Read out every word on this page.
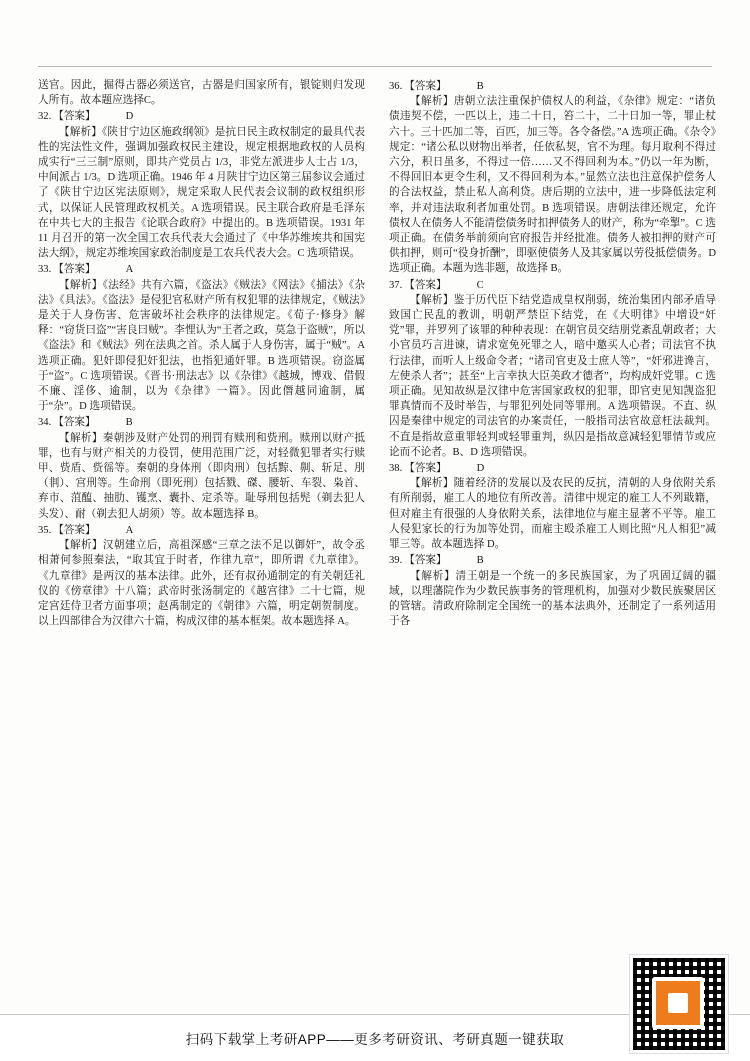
送官。因此，掘得古器必须送官，古器是归国家所有，银锭则归发现人所有。故本题应选择C。
32. 【答案】	D
【解析】《陕甘宁边区施政纲领》是抗日民主政权制定的最具代表性的宪法性文件，强调加强政权民主建设，规定根据地政权的人员构成实行“三三制”原则，即共产党员占 1/3，非党左派进步人士占 1/3，中间派占 1/3。D 选项正确。1946 年 4 月陕甘宁边区第三届参议会通过了《陕甘宁边区宪法原则》，规定采取人民代表会议制的政权组织形式，以保证人民管理政权机关。A 选项错误。民主联合政府是毛泽东在中共七大的主报告《论联合政府》中提出的。B 选项错误。1931 年 11 月召开的第一次全国工农兵代表大会通过了《中华苏维埃共和国宪法大纲》，规定苏维埃国家政治制度是工农兵代表大会。C 选项错误。
33. 【答案】	A
【解析】《法经》共有六篇，《盗法》《贼法》《网法》《捕法》《杂法》《具法》。《盗法》是侵犯官私财产所有权犯罪的法律规定，《贼法》是关于人身伤害、危害破坏社会秩序的法律规定。《荀子·修身》解释：“窃货曰盗”“害良曰贼”。李悝认为“王者之政，莫急于盗贼”，所以《盗法》和《贼法》列在法典之首。杀人属于人身伤害，属于“贼”。A 选项正确。犯奸即侵犯奸犯法，也指犯通奸罪。B 选项错误。窃盗属于“盗”。C 选项错误。《晋书·刑法志》以《杂律》《越城，博戏、借假不廉、淫侈、逾制，以为《杂律》一篇》。因此僭越同逾制，属于“杂”。D 选项错误。
34. 【答案】	B
【解析】秦朝涉及财产处罚的刑罚有赎刑和赀刑。赎刑以财产抵罪，也有与财产相关的力役罚，使用范围广泛，对轻微犯罪者实行赎甲、赀盾、赀徭等。秦朝的身体刑（即肉刑）包括黥、劓、斩足、刖（剕）、宫刑等。生命刑（即死刑）包括戮、磔、腰斩、车裂、枭首、弃市、菹醢、抽肋、镬烹、囊扑、定杀等。耻辱刑包括髡（剃去犯人头发）、耐（剃去犯人胡须）等。故本题选择 B。
35. 【答案】	A
【解析】汉朝建立后，高祖深感“三章之法不足以御奸”，故令丞相萧何参照秦法，“取其宜于时者，作律九章”，即所谓《九章律》。《九章律》是两汉的基本法律。此外，还有叔孙通制定的有关朝廷礼仪的《傍章律》十八篇；武帝时张汤制定的《越宫律》二十七篇，规定宫廷侍卫者方面事项；赵禹制定的《朝律》六篇，明定朝贺制度。以上四部律合为汉律六十篇，构成汉律的基本框架。故本题选择 A。
36. 【答案】	B
【解析】唐朝立法注重保护债权人的利益，《杂律》规定：“诸负债违契不偿，一匹以上，违二十日，笞二十，二十日加一等，罪止杖六十。三十匹加二等，百匹，加三等。各令备偿。”A 选项正确。《杂令》规定：“诸公私以财物出举者，任依私契，官不为理。每月取利不得过六分，积日虽多，不得过一倍……又不得回利为本。”仍以一年为断，不得回旧本更令生利，又不得回利为本。”显然立法也注意保护偿务人的合法权益，禁止私人高利贷。唐后期的立法中，进一步降低法定利率，并对违法取利者加重处罚。B 选项错误。唐朝法律还规定，允许债权人在债务人不能清偿债务时扣押债务人的财产，称为“牵掣”。C 选项正确。在债务举前须向官府报告并经批准。债务人被扣押的财产可供扣押，则可“役身折酬”，即驱使债务人及其家属以劳役抵偿债务。D 选项正确。本题为选非题，故选择 B。
37. 【答案】	C
【解析】鉴于历代臣下结党造成皇权削弱，统治集团内部矛盾导致国亡民乱的教训，明朝严禁臣下结党，在《大明律》中增设“奸党”罪，并罗列了该罪的种种表现：在朝官员交结朋党紊乱朝政者；大小官员巧言进谏，请求宽免死罪之人，暗中邀买人心者；司法官不执行法律，而听人上级命令者；“诸司官吏及士庶人等”，“奸邪进谗言，左使杀人者”；甚至“上言幸执大臣美政才德者”，均构成奸党罪。C 选项正确。见知故纵是汉律中危害国家政权的犯罪，即官吏见知觊盗犯罪真情而不及时举告，与罪犯列处同等罪刑。A 选项错误。不直、纵囚是秦律中规定的司法官的办案责任，一般指司法官故意枉法裁判。不直是指故意重罪轻判或轻罪重判，纵囚是指故意减轻犯罪情节或应论而不论者。B、D 选项错误。
38. 【答案】	D
【解析】随着经济的发展以及农民的反抗，清朝的人身依附关系有所削弱，雇工人的地位有所改善。清律中规定的雇工人不列戢籍，但对雇主有很强的人身依附关系，法律地位与雇主显著不平等。雇工人侵犯家长的行为加等处罚，而雇主殴杀雇工人则比照“凡人相犯”减罪三等。故本题选择 D。
39. 【答案】	B
【解析】清王朝是一个统一的多民族国家，为了巩固辽阔的疆域，以理藩院作为少数民族事务的管理机构，加强对少数民族聚居区的管辖。清政府除制定全国统一的基本法典外，还制定了一系列适用于各
扫码下载掌上考研APP——更多考研资讯、考研真题一键获取
